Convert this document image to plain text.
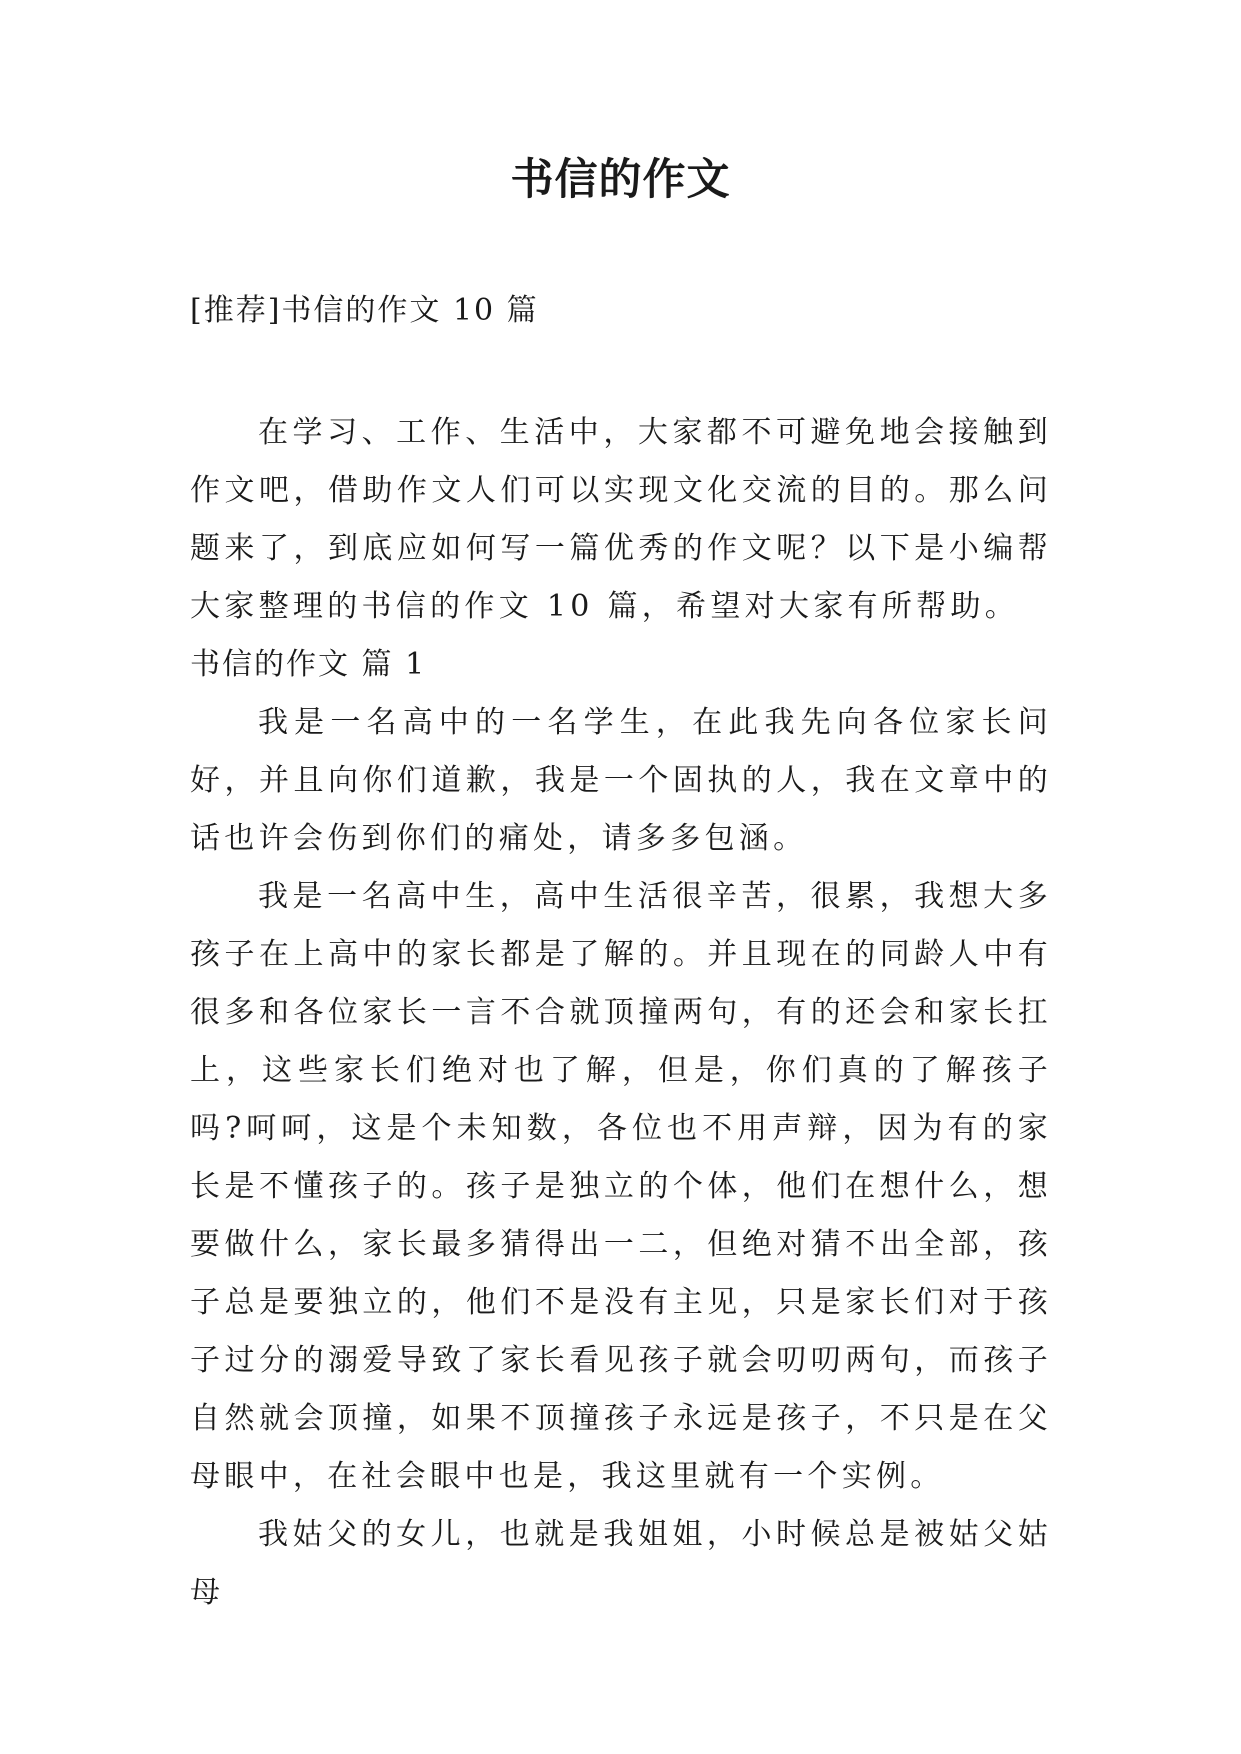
书信的作文

[推荐]书信的作文 10 篇

在学习、工作、生活中，大家都不可避免地会接触到作文吧，借助作文人们可以实现文化交流的目的。那么问题来了，到底应如何写一篇优秀的作文呢？以下是小编帮大家整理的书信的作文 10 篇，希望对大家有所帮助。

书信的作文 篇 1

我是一名高中的一名学生，在此我先向各位家长问好，并且向你们道歉，我是一个固执的人，我在文章中的话也许会伤到你们的痛处，请多多包涵。

我是一名高中生，高中生活很辛苦，很累，我想大多孩子在上高中的家长都是了解的。并且现在的同龄人中有很多和各位家长一言不合就顶撞两句，有的还会和家长扛上，这些家长们绝对也了解，但是，你们真的了解孩子吗?呵呵，这是个未知数，各位也不用声辩，因为有的家长是不懂孩子的。孩子是独立的个体，他们在想什么，想要做什么，家长最多猜得出一二，但绝对猜不出全部，孩子总是要独立的，他们不是没有主见，只是家长们对于孩子过分的溺爱导致了家长看见孩子就会叨叨两句，而孩子自然就会顶撞，如果不顶撞孩子永远是孩子，不只是在父母眼中，在社会眼中也是，我这里就有一个实例。

我姑父的女儿，也就是我姐姐，小时候总是被姑父姑母
